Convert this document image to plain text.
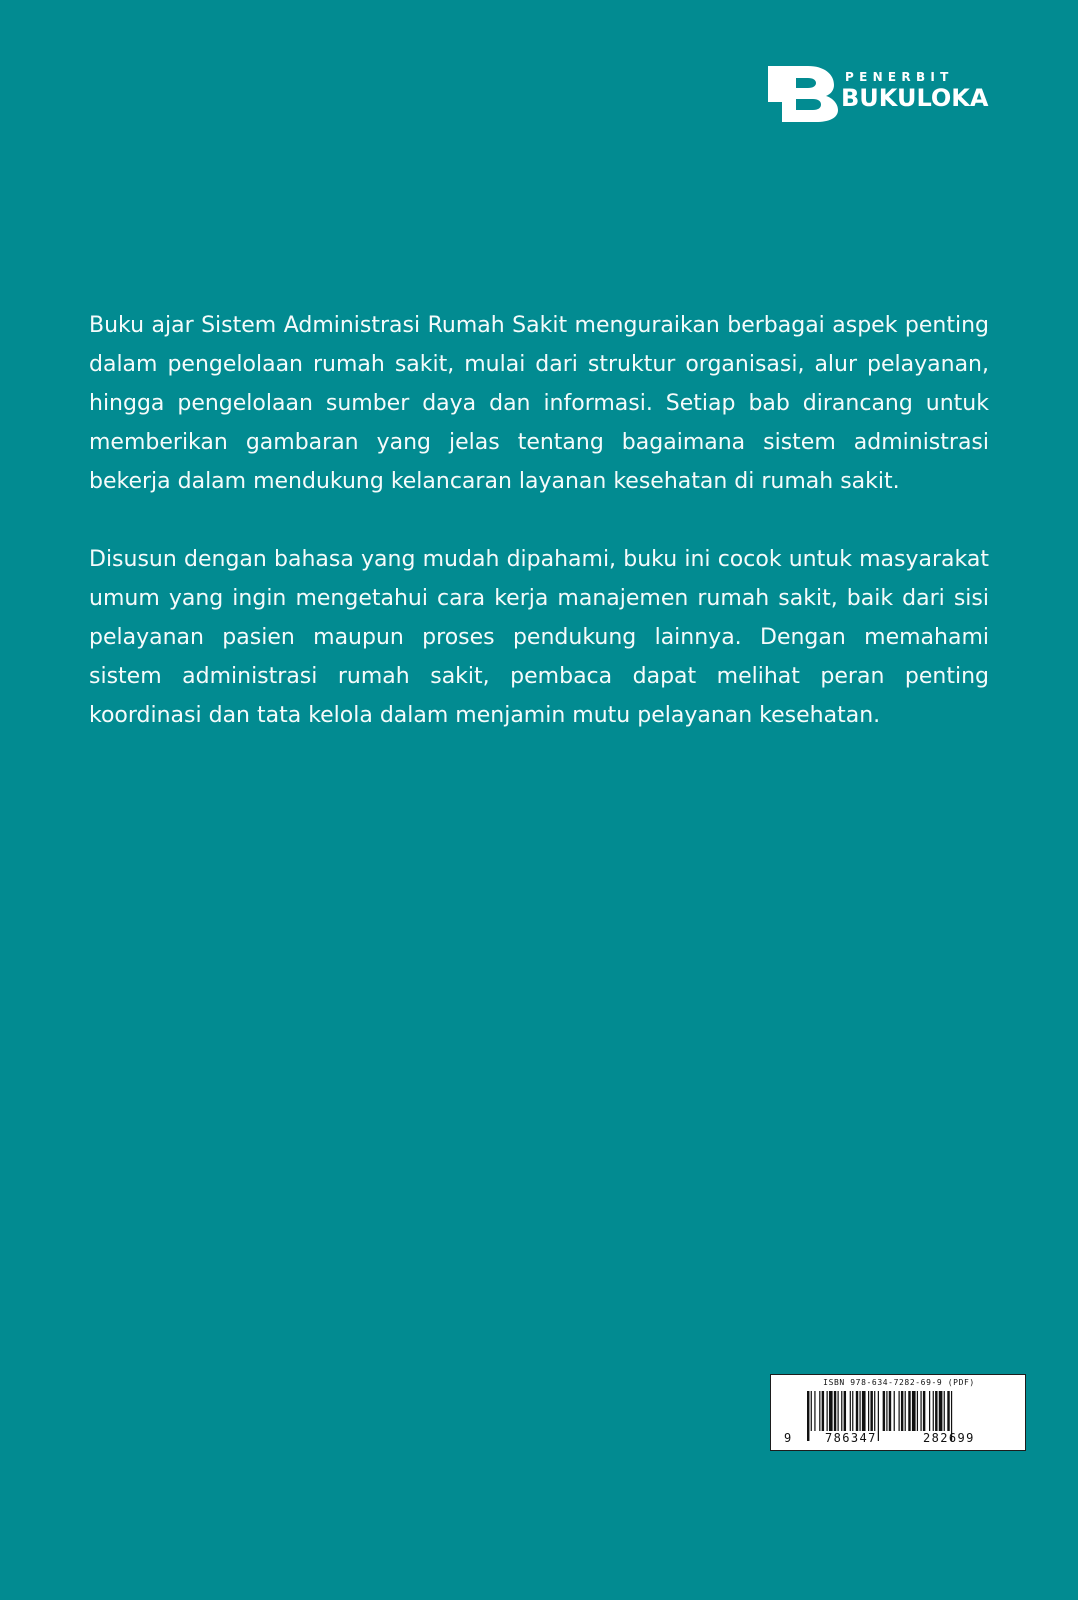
PENERBIT
BUKULOKA

Buku ajar Sistem Administrasi Rumah Sakit menguraikan berbagai aspek penting dalam pengelolaan rumah sakit, mulai dari struktur organisasi, alur pelayanan, hingga pengelolaan sumber daya dan informasi. Setiap bab dirancang untuk memberikan gambaran yang jelas tentang bagaimana sistem administrasi bekerja dalam mendukung kelancaran layanan kesehatan di rumah sakit.

Disusun dengan bahasa yang mudah dipahami, buku ini cocok untuk masyarakat umum yang ingin mengetahui cara kerja manajemen rumah sakit, baik dari sisi pelayanan pasien maupun proses pendukung lainnya. Dengan memahami sistem administrasi rumah sakit, pembaca dapat melihat peran penting koordinasi dan tata kelola dalam menjamin mutu pelayanan kesehatan.

ISBN 978-634-7282-69-9 (PDF)
9	786347	282699
